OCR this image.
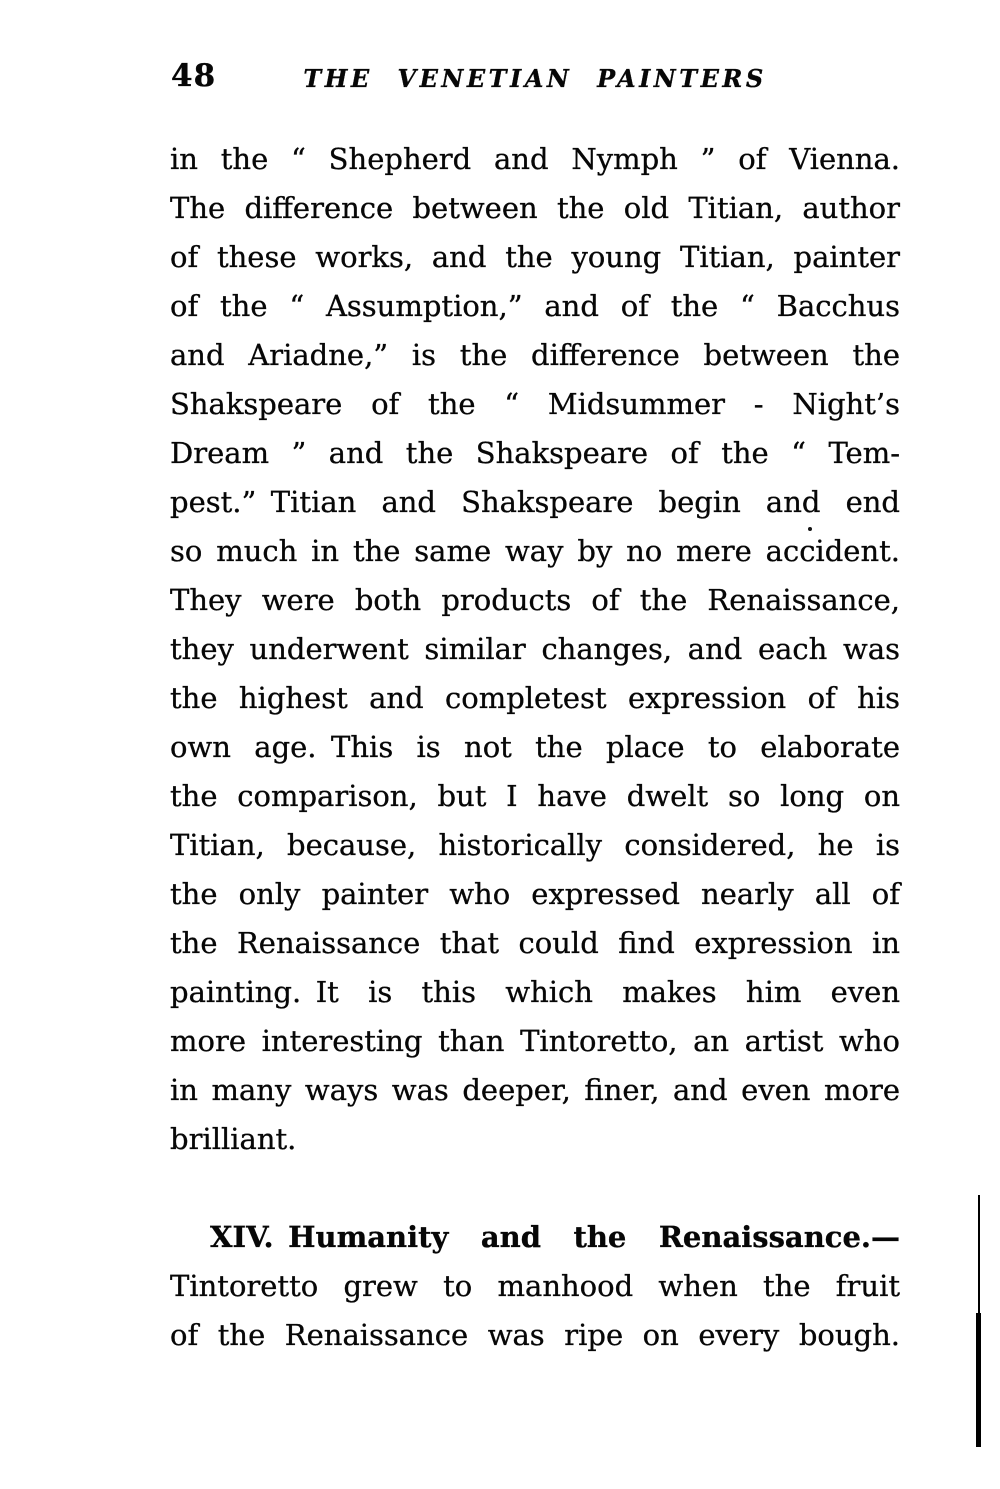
48	THE VENETIAN PAINTERS
in the “ Shepherd and Nymph ” of Vienna.
The difference between the old Titian, author
of these works, and the young Titian, painter
of the “ Assumption,” and of the “ Bacchus
and Ariadne,” is the difference between the
Shakspeare of the “ Midsummer - Night’s
Dream ” and the Shakspeare of the “ Tem-
pest.” Titian and Shakspeare begin and end
so much in the same way by no mere accident.
They were both products of the Renaissance,
they underwent similar changes, and each was
the highest and completest expression of his
own age. This is not the place to elaborate
the comparison, but I have dwelt so long on
Titian, because, historically considered, he is
the only painter who expressed nearly all of
the Renaissance that could find expression in
painting. It is this which makes him even
more interesting than Tintoretto, an artist who
in many ways was deeper, finer, and even more
brilliant.
XIV. Humanity and the Renaissance.—
Tintoretto grew to manhood when the fruit
of the Renaissance was ripe on every bough.
